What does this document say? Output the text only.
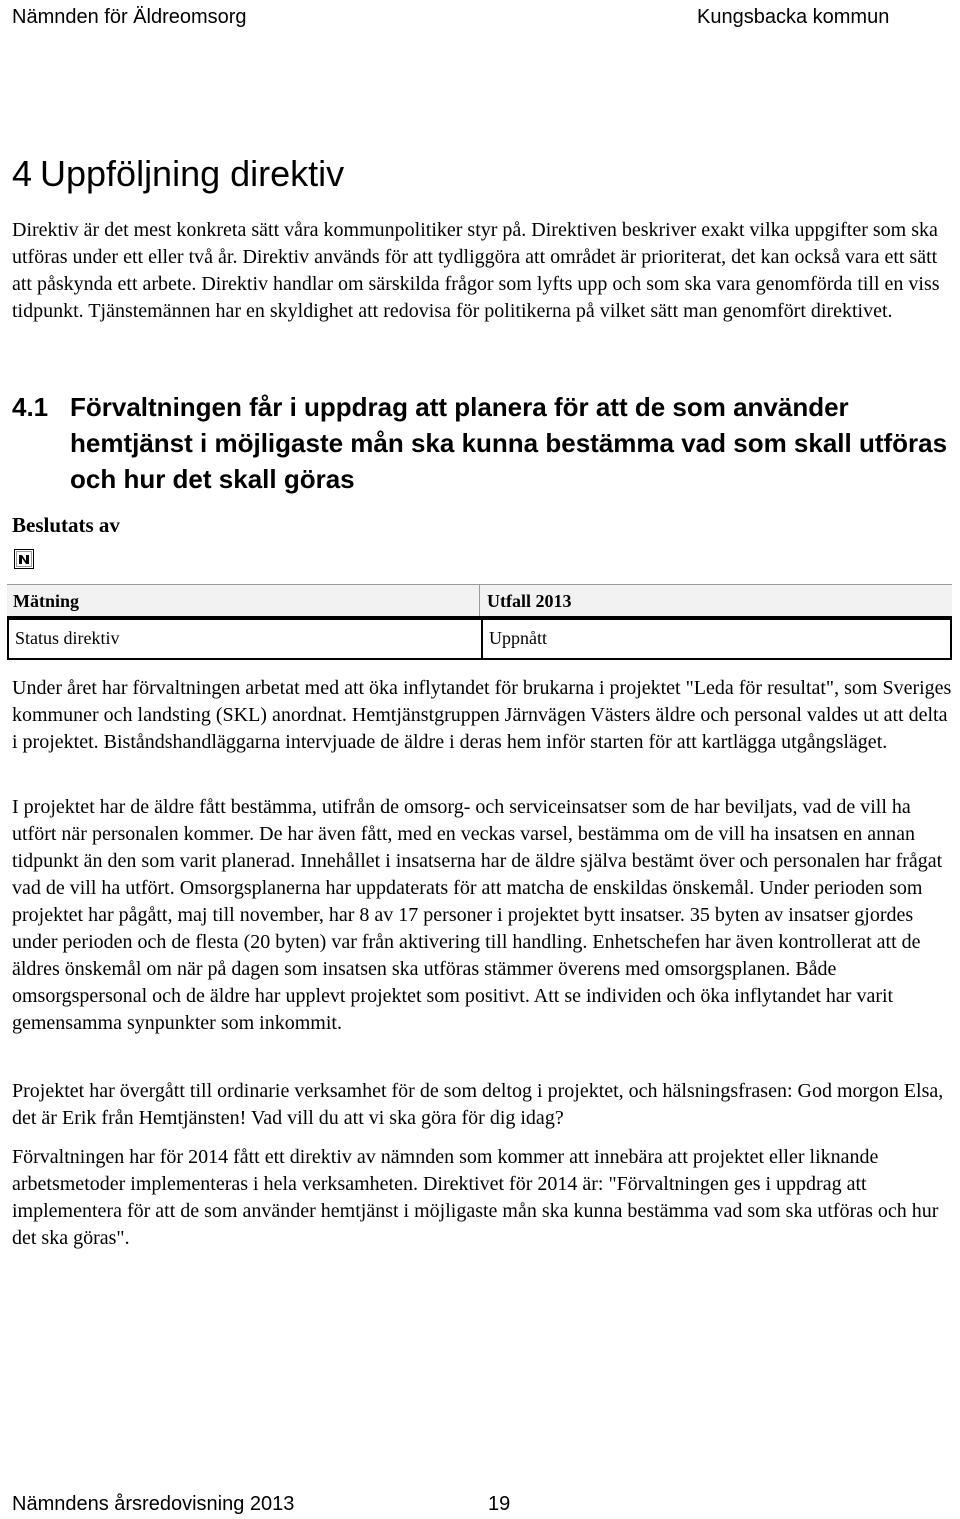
Nämnden för Äldreomsorg	Kungsbacka kommun
4 Uppföljning direktiv

Direktiv är det mest konkreta sätt våra kommunpolitiker styr på. Direktiven beskriver exakt vilka uppgifter som ska utföras under ett eller två år. Direktiv används för att tydliggöra att området är prioriterat, det kan också vara ett sätt att påskynda ett arbete. Direktiv handlar om särskilda frågor som lyfts upp och som ska vara genomförda till en viss tidpunkt. Tjänstemännen har en skyldighet att redovisa för politikerna på vilket sätt man genomfört direktivet.

4.1 Förvaltningen får i uppdrag att planera för att de som använder hemtjänst i möjligaste mån ska kunna bestämma vad som skall utföras och hur det skall göras
Beslutats av
Mätning	Utfall 2013
Status direktiv	Uppnått

Under året har förvaltningen arbetat med att öka inflytandet för brukarna i projektet "Leda för resultat", som Sveriges kommuner och landsting (SKL) anordnat. Hemtjänstgruppen Järnvägen Västers äldre och personal valdes ut att delta i projektet. Biståndshandläggarna intervjuade de äldre i deras hem inför starten för att kartlägga utgångsläget.

I projektet har de äldre fått bestämma, utifrån de omsorg- och serviceinsatser som de har beviljats, vad de vill ha utfört när personalen kommer. De har även fått, med en veckas varsel, bestämma om de vill ha insatsen en annan tidpunkt än den som varit planerad. Innehållet i insatserna har de äldre själva bestämt över och personalen har frågat vad de vill ha utfört. Omsorgsplanerna har uppdaterats för att matcha de enskildas önskemål. Under perioden som projektet har pågått, maj till november, har 8 av 17 personer i projektet bytt insatser. 35 byten av insatser gjordes under perioden och de flesta (20 byten) var från aktivering till handling. Enhetschefen har även kontrollerat att de äldres önskemål om när på dagen som insatsen ska utföras stämmer överens med omsorgsplanen. Både omsorgspersonal och de äldre har upplevt projektet som positivt. Att se individen och öka inflytandet har varit gemensamma synpunkter som inkommit.

Projektet har övergått till ordinarie verksamhet för de som deltog i projektet, och hälsningsfrasen: God morgon Elsa, det är Erik från Hemtjänsten! Vad vill du att vi ska göra för dig idag?

Förvaltningen har för 2014 fått ett direktiv av nämnden som kommer att innebära att projektet eller liknande arbetsmetoder implementeras i hela verksamheten. Direktivet för 2014 är: "Förvaltningen ges i uppdrag att implementera för att de som använder hemtjänst i möjligaste mån ska kunna bestämma vad som ska utföras och hur det ska göras".

Nämndens årsredovisning 2013	19
